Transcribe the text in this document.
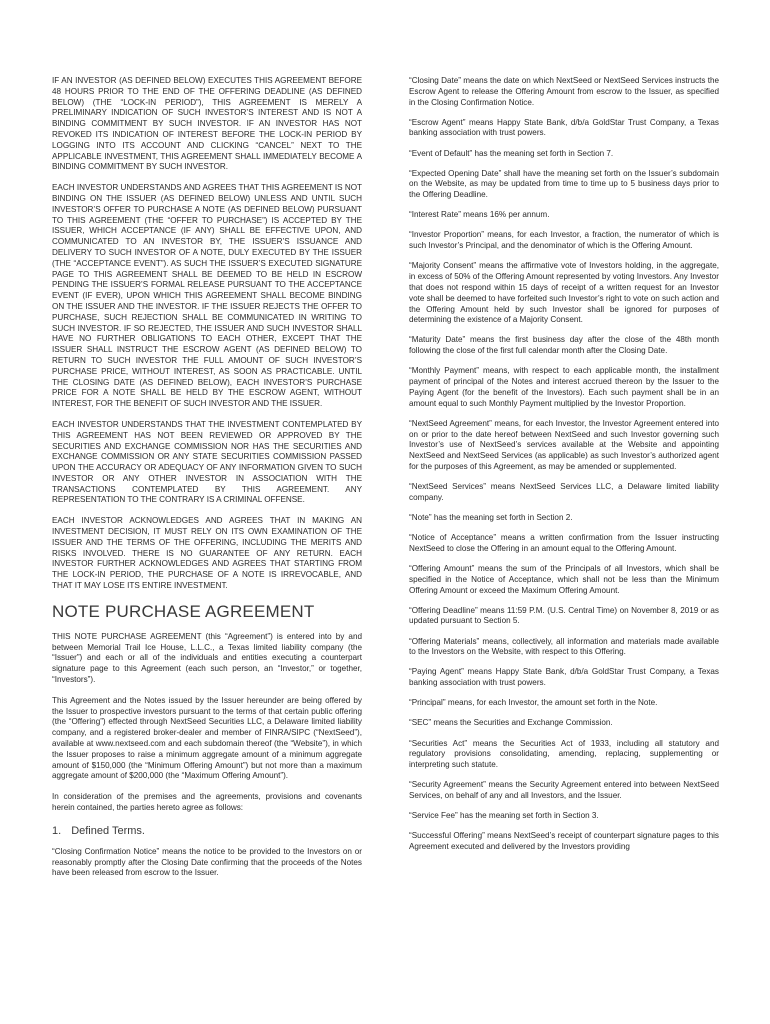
IF AN INVESTOR (AS DEFINED BELOW) EXECUTES THIS AGREEMENT BEFORE 48 HOURS PRIOR TO THE END OF THE OFFERING DEADLINE (AS DEFINED BELOW) (THE “LOCK-IN PERIOD”), THIS AGREEMENT IS MERELY A PRELIMINARY INDICATION OF SUCH INVESTOR’S INTEREST AND IS NOT A BINDING COMMITMENT BY SUCH INVESTOR. IF AN INVESTOR HAS NOT REVOKED ITS INDICATION OF INTEREST BEFORE THE LOCK-IN PERIOD BY LOGGING INTO ITS ACCOUNT AND CLICKING “CANCEL” NEXT TO THE APPLICABLE INVESTMENT, THIS AGREEMENT SHALL IMMEDIATELY BECOME A BINDING COMMITMENT BY SUCH INVESTOR.

EACH INVESTOR UNDERSTANDS AND AGREES THAT THIS AGREEMENT IS NOT BINDING ON THE ISSUER (AS DEFINED BELOW) UNLESS AND UNTIL SUCH INVESTOR’S OFFER TO PURCHASE A NOTE (AS DEFINED BELOW) PURSUANT TO THIS AGREEMENT (THE “OFFER TO PURCHASE”) IS ACCEPTED BY THE ISSUER, WHICH ACCEPTANCE (IF ANY) SHALL BE EFFECTIVE UPON, AND COMMUNICATED TO AN INVESTOR BY, THE ISSUER’S ISSUANCE AND DELIVERY TO SUCH INVESTOR OF A NOTE, DULY EXECUTED BY THE ISSUER (THE “ACCEPTANCE EVENT”). AS SUCH THE ISSUER’S EXECUTED SIGNATURE PAGE TO THIS AGREEMENT SHALL BE DEEMED TO BE HELD IN ESCROW PENDING THE ISSUER’S FORMAL RELEASE PURSUANT TO THE ACCEPTANCE EVENT (IF EVER), UPON WHICH THIS AGREEMENT SHALL BECOME BINDING ON THE ISSUER AND THE INVESTOR. IF THE ISSUER REJECTS THE OFFER TO PURCHASE, SUCH REJECTION SHALL BE COMMUNICATED IN WRITING TO SUCH INVESTOR. IF SO REJECTED, THE ISSUER AND SUCH INVESTOR SHALL HAVE NO FURTHER OBLIGATIONS TO EACH OTHER, EXCEPT THAT THE ISSUER SHALL INSTRUCT THE ESCROW AGENT (AS DEFINED BELOW) TO RETURN TO SUCH INVESTOR THE FULL AMOUNT OF SUCH INVESTOR’S PURCHASE PRICE, WITHOUT INTEREST, AS SOON AS PRACTICABLE. UNTIL THE CLOSING DATE (AS DEFINED BELOW), EACH INVESTOR’S PURCHASE PRICE FOR A NOTE SHALL BE HELD BY THE ESCROW AGENT, WITHOUT INTEREST, FOR THE BENEFIT OF SUCH INVESTOR AND THE ISSUER.

EACH INVESTOR UNDERSTANDS THAT THE INVESTMENT CONTEMPLATED BY THIS AGREEMENT HAS NOT BEEN REVIEWED OR APPROVED BY THE SECURITIES AND EXCHANGE COMMISSION NOR HAS THE SECURITIES AND EXCHANGE COMMISSION OR ANY STATE SECURITIES COMMISSION PASSED UPON THE ACCURACY OR ADEQUACY OF ANY INFORMATION GIVEN TO SUCH INVESTOR OR ANY OTHER INVESTOR IN ASSOCIATION WITH THE TRANSACTIONS CONTEMPLATED BY THIS AGREEMENT. ANY REPRESENTATION TO THE CONTRARY IS A CRIMINAL OFFENSE.

EACH INVESTOR ACKNOWLEDGES AND AGREES THAT IN MAKING AN INVESTMENT DECISION, IT MUST RELY ON ITS OWN EXAMINATION OF THE ISSUER AND THE TERMS OF THE OFFERING, INCLUDING THE MERITS AND RISKS INVOLVED. THERE IS NO GUARANTEE OF ANY RETURN. EACH INVESTOR FURTHER ACKNOWLEDGES AND AGREES THAT STARTING FROM THE LOCK-IN PERIOD, THE PURCHASE OF A NOTE IS IRREVOCABLE, AND THAT IT MAY LOSE ITS ENTIRE INVESTMENT.

NOTE PURCHASE AGREEMENT

THIS NOTE PURCHASE AGREEMENT (this “Agreement”) is entered into by and between Memorial Trail Ice House, L.L.C., a Texas limited liability company (the “Issuer”) and each or all of the individuals and entities executing a counterpart signature page to this Agreement (each such person, an “Investor,” or together, “Investors”).

This Agreement and the Notes issued by the Issuer hereunder are being offered by the Issuer to prospective investors pursuant to the terms of that certain public offering (the “Offering”) effected through NextSeed Securities LLC, a Delaware limited liability company, and a registered broker-dealer and member of FINRA/SIPC (“NextSeed”), available at www.nextseed.com and each subdomain thereof (the “Website”), in which the Issuer proposes to raise a minimum aggregate amount of a minimum aggregate amount of $150,000 (the “Minimum Offering Amount”) but not more than a maximum aggregate amount of $200,000 (the “Maximum Offering Amount”).

In consideration of the premises and the agreements, provisions and covenants herein contained, the parties hereto agree as follows:

1. Defined Terms.

“Closing Confirmation Notice” means the notice to be provided to the Investors on or reasonably promptly after the Closing Date confirming that the proceeds of the Notes have been released from escrow to the Issuer.

“Closing Date” means the date on which NextSeed or NextSeed Services instructs the Escrow Agent to release the Offering Amount from escrow to the Issuer, as specified in the Closing Confirmation Notice.

“Escrow Agent” means Happy State Bank, d/b/a GoldStar Trust Company, a Texas banking association with trust powers.

“Event of Default” has the meaning set forth in Section 7.

“Expected Opening Date” shall have the meaning set forth on the Issuer’s subdomain on the Website, as may be updated from time to time up to 5 business days prior to the Offering Deadline.

“Interest Rate” means 16% per annum.

“Investor Proportion” means, for each Investor, a fraction, the numerator of which is such Investor’s Principal, and the denominator of which is the Offering Amount.

“Majority Consent” means the affirmative vote of Investors holding, in the aggregate, in excess of 50% of the Offering Amount represented by voting Investors. Any Investor that does not respond within 15 days of receipt of a written request for an Investor vote shall be deemed to have forfeited such Investor’s right to vote on such action and the Offering Amount held by such Investor shall be ignored for purposes of determining the existence of a Majority Consent.

“Maturity Date” means the first business day after the close of the 48th month following the close of the first full calendar month after the Closing Date.

“Monthly Payment” means, with respect to each applicable month, the installment payment of principal of the Notes and interest accrued thereon by the Issuer to the Paying Agent (for the benefit of the Investors). Each such payment shall be in an amount equal to such Monthly Payment multiplied by the Investor Proportion.

“NextSeed Agreement” means, for each Investor, the Investor Agreement entered into on or prior to the date hereof between NextSeed and such Investor governing such Investor’s use of NextSeed’s services available at the Website and appointing NextSeed and NextSeed Services (as applicable) as such Investor’s authorized agent for the purposes of this Agreement, as may be amended or supplemented.

“NextSeed Services” means NextSeed Services LLC, a Delaware limited liability company.

“Note” has the meaning set forth in Section 2.

“Notice of Acceptance” means a written confirmation from the Issuer instructing NextSeed to close the Offering in an amount equal to the Offering Amount.

“Offering Amount” means the sum of the Principals of all Investors, which shall be specified in the Notice of Acceptance, which shall not be less than the Minimum Offering Amount or exceed the Maximum Offering Amount.

“Offering Deadline” means 11:59 P.M. (U.S. Central Time) on November 8, 2019 or as updated pursuant to Section 5.

“Offering Materials” means, collectively, all information and materials made available to the Investors on the Website, with respect to this Offering.

“Paying Agent” means Happy State Bank, d/b/a GoldStar Trust Company, a Texas banking association with trust powers.

“Principal” means, for each Investor, the amount set forth in the Note.

“SEC” means the Securities and Exchange Commission.

“Securities Act” means the Securities Act of 1933, including all statutory and regulatory provisions consolidating, amending, replacing, supplementing or interpreting such statute.

“Security Agreement” means the Security Agreement entered into between NextSeed Services, on behalf of any and all Investors, and the Issuer.

“Service Fee” has the meaning set forth in Section 3.

“Successful Offering” means NextSeed’s receipt of counterpart signature pages to this Agreement executed and delivered by the Investors providing
